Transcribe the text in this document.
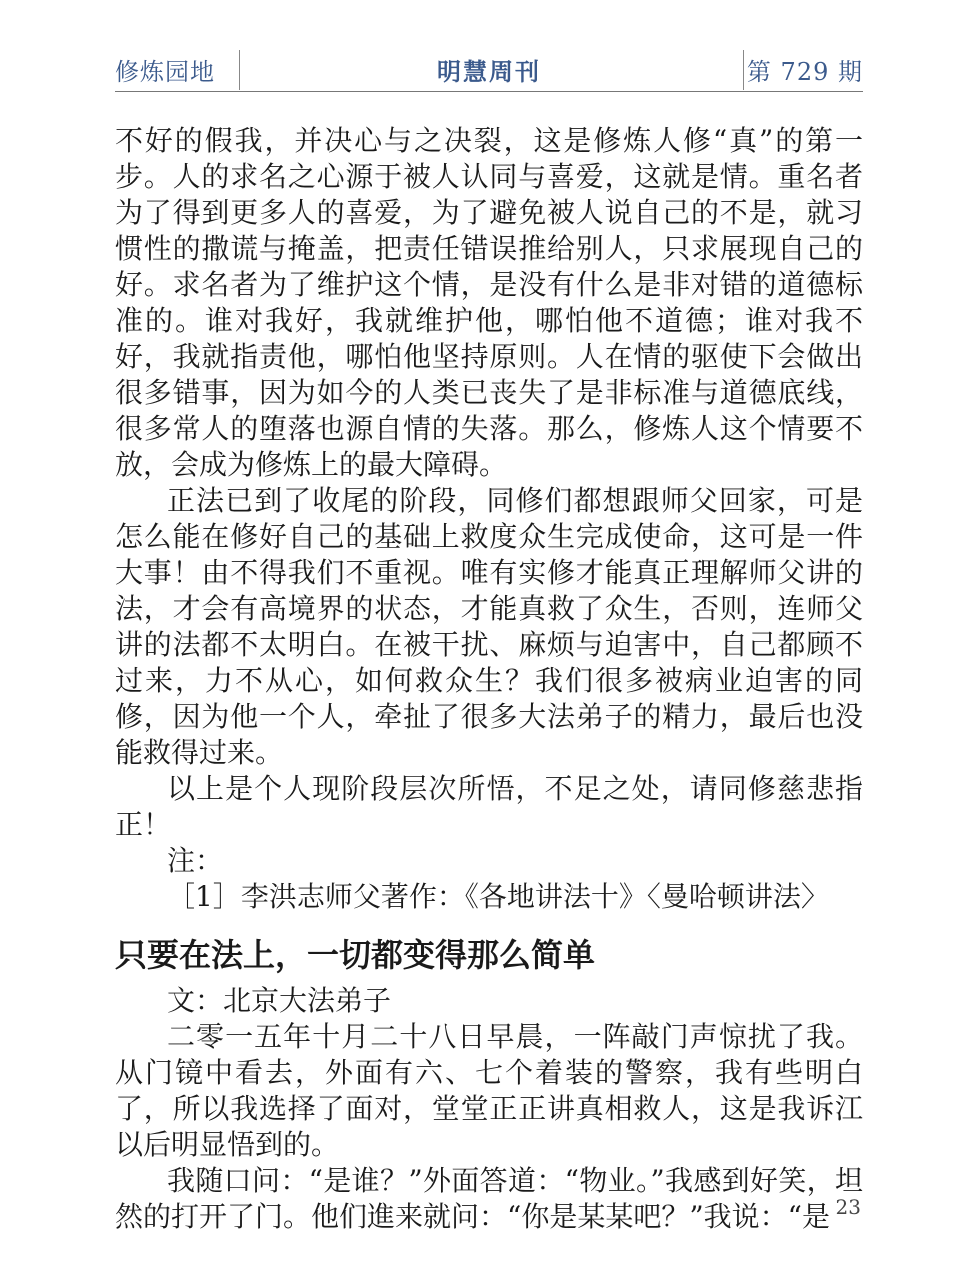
修炼园地	明慧周刊	第 729 期

不好的假我，并决心与之决裂，这是修炼人修“真”的第一步。人的求名之心源于被人认同与喜爱，这就是情。重名者为了得到更多人的喜爱，为了避免被人说自己的不是，就习惯性的撒谎与掩盖，把责任错误推给别人，只求展现自己的好。求名者为了维护这个情，是没有什么是非对错的道德标准的。谁对我好，我就维护他，哪怕他不道德；谁对我不好，我就指责他，哪怕他坚持原则。人在情的驱使下会做出很多错事，因为如今的人类已丧失了是非标准与道德底线，很多常人的堕落也源自情的失落。那么，修炼人这个情要不放，会成为修炼上的最大障碍。

正法已到了收尾的阶段，同修们都想跟师父回家，可是怎么能在修好自己的基础上救度众生完成使命，这可是一件大事！由不得我们不重视。唯有实修才能真正理解师父讲的法，才会有高境界的状态，才能真救了众生，否则，连师父讲的法都不太明白。在被干扰、麻烦与迫害中，自己都顾不过来，力不从心，如何救众生？我们很多被病业迫害的同修，因为他一个人，牵扯了很多大法弟子的精力，最后也没能救得过来。

以上是个人现阶段层次所悟，不足之处，请同修慈悲指正！

注：

［1］李洪志师父著作：《各地讲法十》〈曼哈顿讲法〉

只要在法上，一切都变得那么简单

文：北京大法弟子

二零一五年十月二十八日早晨，一阵敲门声惊扰了我。从门镜中看去，外面有六、七个着装的警察，我有些明白了，所以我选择了面对，堂堂正正讲真相救人，这是我诉江以后明显悟到的。

我随口问：“是谁？”外面答道：“物业。”我感到好笑，坦然的打开了门。他们進来就问：“你是某某吧？”我说：“是 23
